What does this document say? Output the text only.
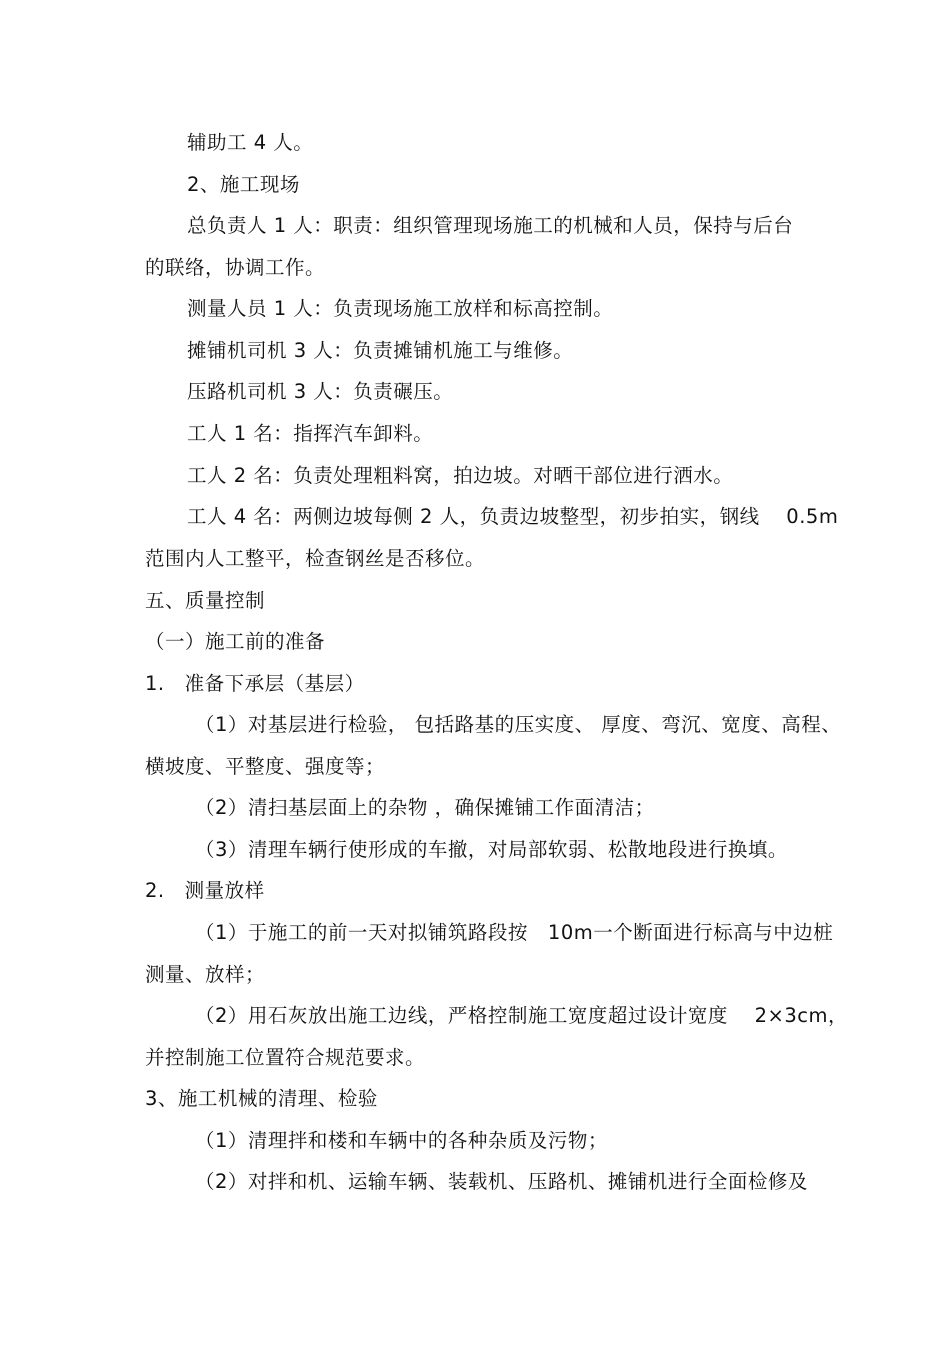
辅助工 4 人。
2、施工现场
总负责人 1 人：职责：组织管理现场施工的机械和人员，保持与后台
的联络，协调工作。
测量人员 1 人：负责现场施工放样和标高控制。
摊铺机司机 3 人：负责摊铺机施工与维修。
压路机司机 3 人：负责碾压。
工人 1 名：指挥汽车卸料。
工人 2 名：负责处理粗料窝，拍边坡。对晒干部位进行洒水。
工人 4 名：两侧边坡每侧 2 人，负责边坡整型，初步拍实，钢线　 0.5m
范围内人工整平，检查钢丝是否移位。
五、质量控制
（一）施工前的准备
1.　准备下承层（基层）
（1）对基层进行检验， 包括路基的压实度、 厚度、弯沉、宽度、高程、
横坡度、平整度、强度等；
（2）清扫基层面上的杂物 ，确保摊铺工作面清洁；
（3）清理车辆行使形成的车撤，对局部软弱、松散地段进行换填。
2.　测量放样
（1）于施工的前一天对拟铺筑路段按　10m一个断面进行标高与中边桩
测量、放样；
（2）用石灰放出施工边线，严格控制施工宽度超过设计宽度　 2×3cm，
并控制施工位置符合规范要求。
3、施工机械的清理、检验
（1）清理拌和楼和车辆中的各种杂质及污物；
（2）对拌和机、运输车辆、装载机、压路机、摊铺机进行全面检修及
